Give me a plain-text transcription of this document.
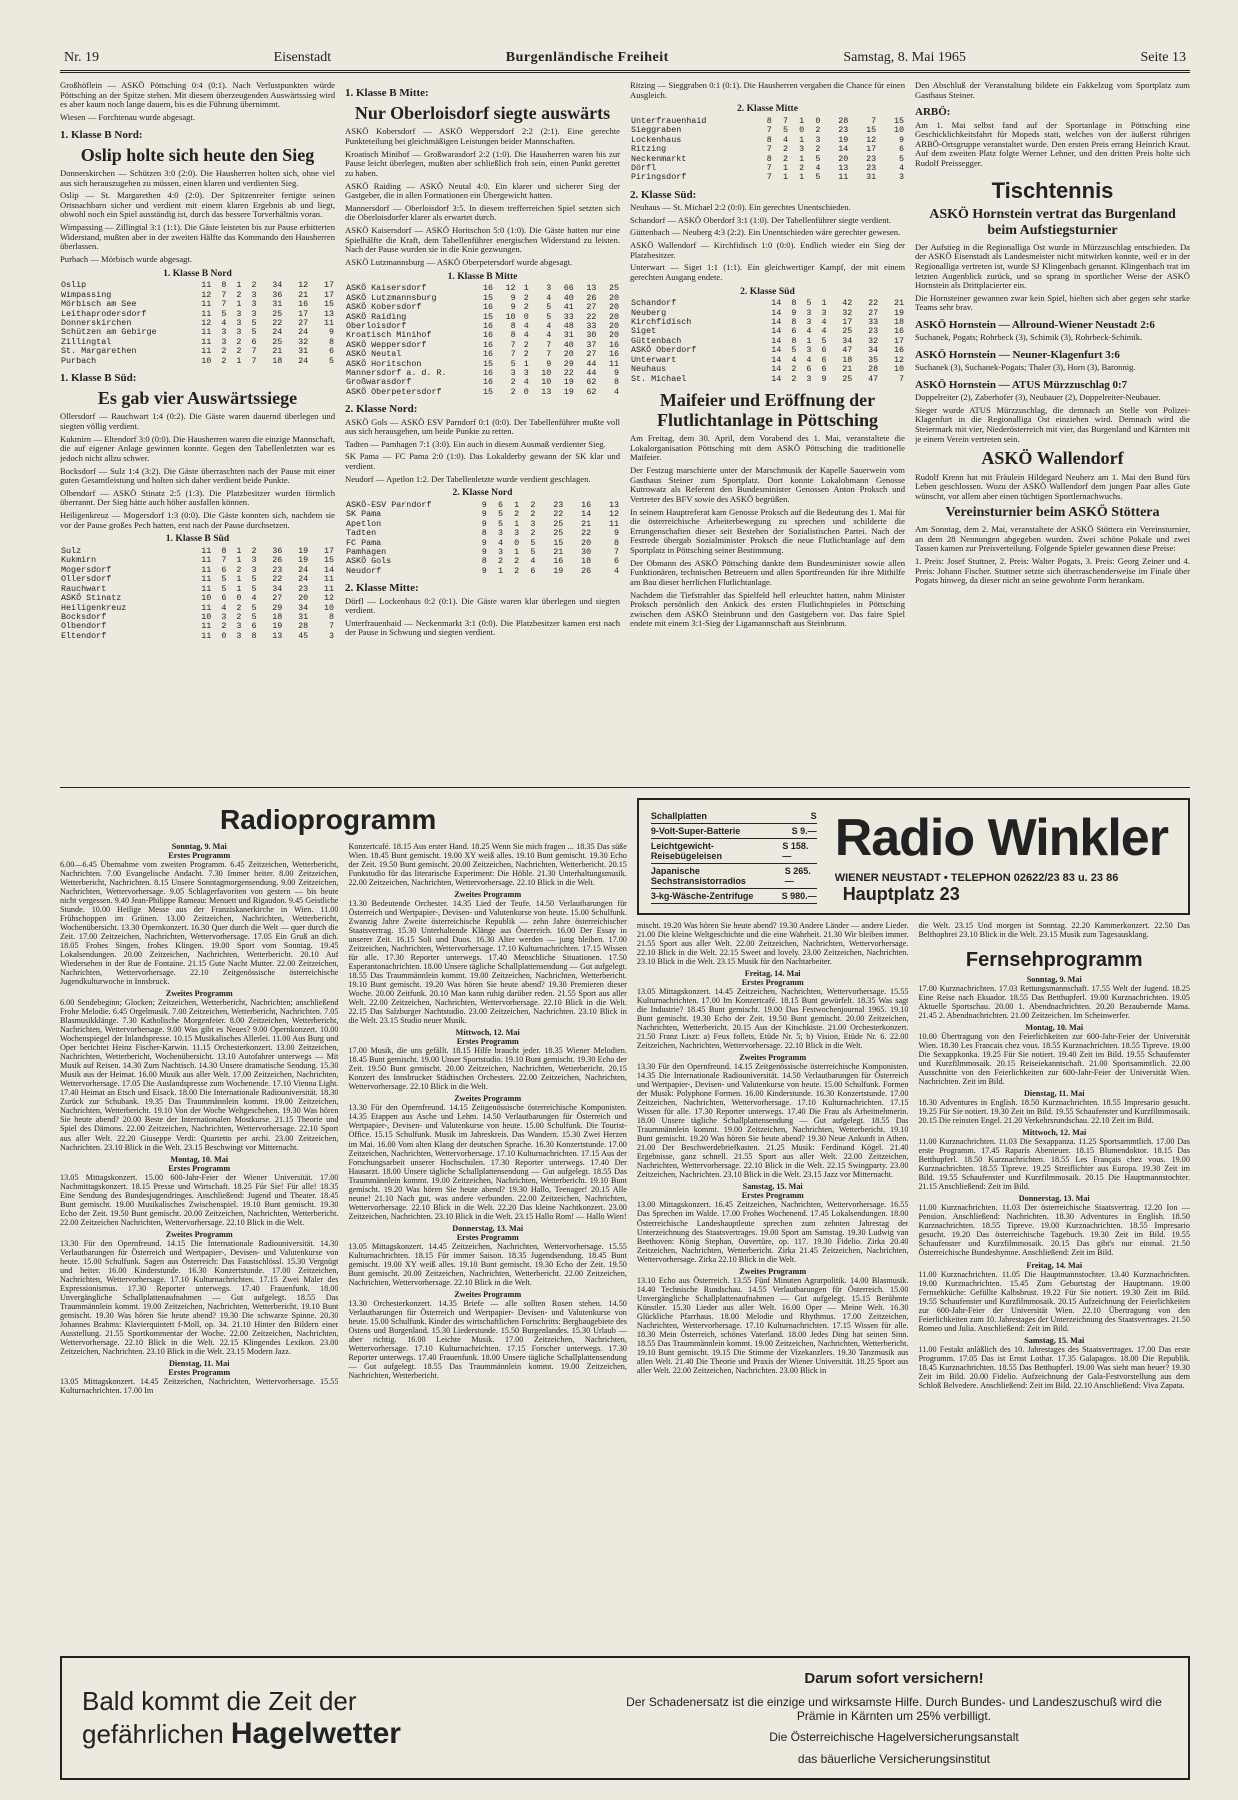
Nr. 19	Eisenstadt	Burgenländische Freiheit	Samstag, 8. Mai 1965	Seite 13

Großhöflein — ASKÖ Pöttsching 0:4 (0:1). Nach Verlustpunkten würde Pöttsching an der Spitze stehen. Mit diesem überzeugenden Auswärtssieg wird es aber kaum noch lange dauern, bis es die Führung übernimmt.

Wiesen — Forchtenau wurde abgesagt.

1. Klasse B Nord:
Oslip holte sich heute den Sieg

Donnerskirchen — Schützen 3:0 (2:0). Die Hausherren holten sich, ohne viel aus sich herauszugehen zu müssen, einen klaren und verdienten Sieg.

Oslip — St. Margarethen 4:0 (2:0). Der Spitzenreiter fertigte seinen Ortsnachbarn sicher und verdient mit einem klaren Ergebnis ab und liegt, obwohl noch ein Spiel ausständig ist, durch das bessere Torverhältnis voran.

Wimpassing — Zillingtal 3:1 (1:1). Die Gäste leisteten bis zur Pause erbitterten Widerstand, mußten aber in der zweiten Hälfte das Kommando den Hausherren überlassen.

Purbach — Mörbisch wurde abgesagt.

1. Klasse B Nord
Oslip	11	8	1	2	34	12	17
Wimpassing	12	7	2	3	36	21	17
Mörbisch am See	11	7	1	3	31	16	15
Leithaprodersdorf	11	5	3	3	25	17	13
Donnerskirchen	12	4	3	5	22	27	11
Schützen am Gebirge	11	3	3	5	24	24	9
Zillingtal	11	3	2	6	25	32	8
St. Margarethen	11	2	2	7	21	31	6
Purbach	10	2	1	7	18	24	5
1. Klasse B Süd:
Es gab vier Auswärtssiege

Ollersdorf — Rauchwart 1:4 (0:2). Die Gäste waren dauernd überlegen und siegten völlig verdient.

Kukmirn — Eltendorf 3:0 (0:0). Die Hausherren waren die einzige Mannschaft, die auf eigener Anlage gewinnen konnte. Gegen den Tabellenletzten war es jedoch nicht allzu schwer.

Bocksdorf — Sulz 1:4 (3:2). Die Gäste überraschten nach der Pause mit einer guten Gesamtleistung und holten sich daher verdient beide Punkte.

Olbendorf — ASKÖ Stinatz 2:5 (1:3). Die Platzbesitzer wurden förmlich überrannt. Der Sieg hätte auch höher ausfallen können.

Heiligenkreuz — Mogersdorf 1:3 (0:0). Die Gäste konnten sich, nachdem sie vor der Pause großes Pech hatten, erst nach der Pause durchsetzen.

1. Klasse B Süd
Sulz	11	8	1	2	36	19	17
Kukmirn	11	7	1	3	26	19	15
Mogersdorf	11	6	2	3	23	24	14
Ollersdorf	11	5	1	5	22	24	11
Rauchwart	11	5	1	5	34	23	11
ASKÖ Stinatz	10	6	0	4	27	20	12
Heiligenkreuz	11	4	2	5	29	34	10
Bocksdorf	10	3	2	5	18	31	8
Olbendorf	11	2	3	6	19	28	7
Eltendorf	11	0	3	8	13	45	3
1. Klasse B Mitte:
Nur Oberloisdorf siegte auswärts

ASKÖ Kobersdorf — ASKÖ Weppersdorf 2:2 (2:1). Eine gerechte Punkteteilung bei gleichmäßigen Leistungen beider Mannschaften.

Kroatisch Minihof — Großwarasdorf 2:2 (1:0). Die Hausherren waren bis zur Pause leicht überlegen, mußten aber schließlich froh sein, einen Punkt gerettet zu haben.

ASKÖ Raiding — ASKÖ Neutal 4:0. Ein klarer und sicherer Sieg der Gastgeber, die in allen Formationen ein Übergewicht hatten.

Mannersdorf — Oberloisdorf 3:5. In diesem trefferreichen Spiel setzten sich die Oberloisdorfer klarer als erwartet durch.

ASKÖ Kaisersdorf — ASKÖ Horitschon 5:0 (1:0). Die Gäste hatten nur eine Spielhälfte die Kraft, dem Tabellenführer energischen Widerstand zu leisten. Nach der Pause wurden sie in die Knie gezwungen.

ASKÖ Lutzmannsburg — ASKÖ Oberpetersdorf wurde abgesagt.

1. Klasse B Mitte
ASKÖ Kaisersdorf	16	12	1	3	66	13	25
ASKÖ Lutzmannsburg	15	9	2	4	40	26	20
ASKÖ Kobersdorf	16	9	2	5	41	27	20
ASKÖ Raiding	15	10	0	5	33	22	20
Oberloisdorf	16	8	4	4	48	33	20
Kroatisch Minihof	16	8	4	4	31	30	20
ASKÖ Weppersdorf	16	7	2	7	40	37	16
ASKÖ Neutal	16	7	2	7	20	27	16
ASKÖ Horitschon	15	5	1	9	29	44	11
Mannersdorf a. d. R.	16	3	3	10	22	44	9
Großwarasdorf	16	2	4	10	19	62	8
ASKÖ Oberpetersdorf	15	2	0	13	19	62	4
2. Klasse Nord:

ASKÖ Gols — ASKÖ ESV Parndorf 0:1 (0:0). Der Tabellenführer mußte voll aus sich herausgehen, um beide Punkte zu retten.

Tadten — Pamhagen 7:1 (3:0). Ein auch in diesem Ausmaß verdienter Sieg.

SK Pama — FC Pama 2:0 (1:0). Das Lokalderby gewann der SK klar und verdient.

Neudorf — Apetlon 1:2. Der Tabellenletzte wurde verdient geschlagen.

2. Klasse Nord
ASKÖ-ESV Parndorf	9	6	1	2	23	16	13
SK Pama	9	5	2	2	22	14	12
Apetlon	9	5	1	3	25	21	11
Tadten	8	3	3	2	25	22	9
FC Pama	9	4	0	5	15	20	8
Pamhagen	9	3	1	5	21	30	7
ASKÖ Gols	8	2	2	4	16	18	6
Neudorf	9	1	2	6	19	26	4
2. Klasse Mitte:

Dörfl — Lockenhaus 0:2 (0:1). Die Gäste waren klar überlegen und siegten verdient.

Unterfrauenhaid — Neckenmarkt 3:1 (0:0). Die Platzbesitzer kamen erst nach der Pause in Schwung und siegten verdient.

Ritzing — Sieggraben 0:1 (0:1). Die Hausherren vergaben die Chance für einen Ausgleich.

2. Klasse Mitte
Unterfrauenhaid	8	7	1	0	28	7	15
Sieggraben	7	5	0	2	23	15	10
Lockenhaus	8	4	1	3	19	12	9
Ritzing	7	2	3	2	14	17	6
Neckenmarkt	8	2	1	5	20	23	5
Dörfl	7	1	2	4	13	23	4
Piringsdorf	7	1	1	5	11	31	3
2. Klasse Süd:

Neuhaus — St. Michael 2:2 (0:0). Ein gerechtes Unentschieden.

Schandorf — ASKÖ Oberdorf 3:1 (1:0). Der Tabellenführer siegte verdient.

Güttenbach — Neuberg 4:3 (2:2). Ein Unentschieden wäre gerechter gewesen.

ASKÖ Wallendorf — Kirchfidisch 1:0 (0:0). Endlich wieder ein Sieg der Platzbesitzer.

Unterwart — Siget 1:1 (1:1). Ein gleichwertiger Kampf, der mit einem gerechten Ausgang endete.

2. Klasse Süd
Schandorf	14	8	5	1	42	22	21
Neuberg	14	9	3	3	32	27	19
Kirchfidisch	14	8	3	4	17	33	18
Siget	14	6	4	4	25	23	16
Güttenbach	14	8	1	5	34	32	17
ASKÖ Oberdorf	14	5	3	6	47	34	16
Unterwart	14	4	4	6	18	35	12
Neuhaus	14	2	6	6	21	28	10
St. Michael	14	2	3	9	25	47	7
Maifeier und Eröffnung der Flutlichtanlage in Pöttsching

Am Freitag, dem 30. April, dem Vorabend des 1. Mai, veranstaltete die Lokalorganisation Pöttsching mit dem ASKÖ Pöttsching die traditionelle Maifeier.

Der Festzug marschierte unter der Marschmusik der Kapelle Sauerwein vom Gasthaus Steiner zum Sportplatz. Dort konnte Lokalobmann Genosse Kutrowatz als Referent den Bundesminister Genossen Anton Proksch und Vertreter des BFV sowie des ASKÖ begrüßen.

In seinem Hauptreferat kam Genosse Proksch auf die Bedeutung des 1. Mai für die österreichische Arbeiterbewegung zu sprechen und schilderte die Errungenschaften dieser seit Bestehen der Sozialistischen Partei. Nach der Festrede übergab Sozialminister Proksch die neue Flutlichtanlage auf dem Sportplatz in Pöttsching seiner Bestimmung.

Der Obmann des ASKÖ Pöttsching dankte dem Bundesminister sowie allen Funktionären, technischen Betreuern und allen Sportfreunden für ihre Mithilfe am Bau dieser herrlichen Flutlichtanlage.

Nachdem die Tiefstrahler das Spielfeld hell erleuchtet hatten, nahm Minister Proksch persönlich den Ankick des ersten Flutlichtspieles in Pöttsching zwischen dem ASKÖ Steinbrunn und den Gastgebern vor. Das faire Spiel endete mit einem 3:1-Sieg der Ligamannschaft aus Steinbrunn.

Den Abschluß der Veranstaltung bildete ein Fakkelzug vom Sportplatz zum Gasthaus Steiner.

ARBÖ:

Am 1. Mai selbst fand auf der Sportanlage in Pöttsching eine Geschicklichkeitsfahrt für Mopeds statt, welches von der äußerst rührigen ARBÖ-Ortsgruppe veranstaltet wurde. Den ersten Preis errang Heinrich Kraut. Auf dem zweiten Platz folgte Werner Lehner, und den dritten Preis holte sich Rudolf Preissegger.

Tischtennis
ASKÖ Hornstein vertrat das Burgenland beim Aufstiegsturnier

Der Aufstieg in die Regionalliga Ost wurde in Mürzzuschlag entschieden. Da der ASKÖ Eisenstadt als Landesmeister nicht mitwirken konnte, weil er in der Regionalliga vertreten ist, wurde SJ Klingenbach genannt. Klingenbach trat im letzten Augenblick zurück, und so sprang in sportlicher Weise der ASKÖ Hornstein als Drittplacierter ein.

Die Hornsteiner gewannen zwar kein Spiel, hielten sich aber gegen sehr starke Teams sehr brav.

ASKÖ Hornstein — Allround-Wiener Neustadt 2:6

Suchanek, Pogats; Rohrbeck (3), Schimik (3), Rohrbeck-Schimik.

ASKÖ Hornstein — Neuner-Klagenfurt 3:6

Suchanek (3), Suchanek-Pogats; Thaler (3), Horn (3), Baronnig.

ASKÖ Hornstein — ATUS Mürzzuschlag 0:7

Doppelreiter (2), Zaberhofer (3), Neubauer (2), Doppelreiter-Neubauer.

Sieger wurde ATUS Mürzzuschlag, die demnach an Stelle von Polizei-Klagenfurt in die Regionalliga Ost einziehen wird. Demnach wird die Steiermark mit vier, Niederösterreich mit vier, das Burgenland und Kärnten mit je einem Verein vertreten sein.

ASKÖ Wallendorf

Rudolf Krenn hat mit Fräulein Hildegard Neuherz am 1. Mai den Bund fürs Leben geschlossen. Wozu der ASKÖ Wallendorf dem jungen Paar alles Gute wünscht, vor allem aber einen tüchtigen Sportlernachwuchs.

Vereinsturnier beim ASKÖ Stöttera

Am Sonntag, dem 2. Mai, veranstaltete der ASKÖ Stöttera ein Vereinsturnier, an dem 28 Nennungen abgegeben wurden. Zwei schöne Pokale und zwei Tassen kamen zur Preisverteilung. Folgende Spieler gewannen diese Preise:

1. Preis: Josef Stuttner, 2. Preis: Walter Pogats, 3. Preis: Georg Zeiner und 4. Preis: Johann Fischer. Stuttner setzte sich überraschenderweise im Finale über Pogats hinweg, da dieser nicht an seine gewohnte Form herankam.

Radioprogramm
Sonntag, 9. Mai
Erstes Programm

6.00—6.45 Übernahme vom zweiten Programm. 6.45 Zeitzeichen, Wetterbericht, Nachrichten. 7.00 Evangelische Andacht. 7.30 Immer heiter. 8.00 Zeitzeichen, Wetterbericht, Nachrichten. 8.15 Unsere Sonntagmorgensendung. 9.00 Zeitzeichen, Nachrichten, Wettervorhersage. 9.05 Schlagerfavoriten von gestern — bis heute nicht vergessen. 9.40 Jean-Philippe Rameau: Menuett und Rigaudon. 9.45 Geistliche Stunde. 10.00 Heilige Messe aus der Franziskanerkirche in Wien. 11.00 Frühschoppen im Grünen. 13.00 Zeitzeichen, Nachrichten, Wetterbericht, Wochenübersicht. 13.30 Opernkonzert. 16.30 Quer durch die Welt — quer durch die Zeit. 17.00 Zeitzeichen, Nachrichten, Wettervorhersage. 17.05 Ein Gruß an dich. 18.05 Frohes Singen, frohes Klingen. 19.00 Sport vom Sonntag. 19.45 Lokalsendungen. 20.00 Zeitzeichen, Nachrichten, Wetterbericht. 20.10 Auf Wiedersehen in der Rue de Fontaine. 21.15 Gute Nacht Mutter. 22.00 Zeitzeichen, Nachrichten, Wettervorhersage. 22.10 Zeitgenössische österreichische Jugendkulturwoche in Innsbruck.

Zweites Programm

6.00 Sendebeginn; Glocken; Zeitzeichen, Wetterbericht, Nachrichten; anschließend Frohe Melodie. 6.45 Orgelmusik. 7.00 Zeitzeichen, Wetterbericht, Nachrichten. 7.05 Blasmusikklänge. 7.30 Katholische Morgenfeier. 8.00 Zeitzeichen, Wetterbericht, Nachrichten, Wettervorhersage. 9.00 Was gibt es Neues? 9.00 Opernkonzert. 10.00 Wochenspiegel der Inlandspresse. 10.15 Musikalisches Allerlei. 11.00 Aus Burg und Oper berichtet Heinz Fischer-Karwin. 11.15 Orchesterkonzert. 13.00 Zeitzeichen, Nachrichten, Wetterbericht, Wochenübersicht. 13.10 Autofahrer unterwegs — Mit Musik auf Reisen. 14.30 Zum Nachtisch. 14.30 Unsere dramatische Sendung. 15.30 Musik aus der Heimat. 16.00 Musik aus aller Welt. 17.00 Zeitzeichen, Nachrichten, Wettervorhersage. 17.05 Die Auslandspresse zum Wochenende. 17.10 Vienna Light. 17.40 Heimat an Etsch und Eisack. 18.00 Die Internationale Radiouniversität. 18.30 Zurück zur Schubank. 19.35 Das Traummännlein kommt. 19.00 Zeitzeichen, Nachrichten, Wetterbericht. 19.10 Von der Woche Weltgeschehen. 19.30 Was hören Sie heute abend? 20.00 Beste der Internationalen Mostkurse. 21.15 Theorie und Spiel des Dämons. 22.00 Zeitzeichen, Nachrichten, Wettervorhersage. 22.10 Sport aus aller Welt. 22.20 Giuseppe Verdi: Quartetto per archi. 23.00 Zeitzeichen, Nachrichten. 23.10 Blick in die Welt. 23.15 Beschwingt vor Mitternacht.

Montag, 10. Mai
Erstes Programm

13.05 Mittagskonzert. 15.00 600-Jahr-Feier der Wiener Universität. 17.00 Nachmittagskonzert. 18.15 Presse und Wirtschaft. 18.25 Für Sie! Für alle! 18.35 Eine Sendung des Bundesjugendringes. Anschließend: Jugend und Theater. 18.45 Bunt gemischt. 19.00 Musikalisches Zwischenspiel. 19.10 Bunt gemischt. 19.30 Echo der Zeit. 19.50 Bunt gemischt. 20.00 Zeitzeichen, Nachrichten, Wetterbericht. 22.00 Zeitzeichen Nachrichten, Wettervorhersage. 22.10 Blick in die Welt.

Zweites Programm

13.30 Für den Opernfreund. 14.15 Die Internationale Radiouniversität. 14.30 Verlautbarungen für Österreich und Wertpapier-, Devisen- und Valutenkurse von heute. 15.00 Schulfunk. Sagen aus Österreich: Das Faustschlössl. 15.30 Vergnügt und heiter. 16.00 Kinderstunde. 16.30 Konzertstunde. 17.00 Zeitzeichen, Nachrichten, Wettervorhersage. 17.10 Kulturnachrichten. 17.15 Zwei Maler des Expressionismus. 17.30 Reporter unterwegs. 17.40 Frauenfunk. 18.00 Unvergängliche Schallplattenaufnahmen — Gut aufgelegt. 18.55 Das Traummännlein kommt. 19.00 Zeitzeichen, Nachrichten, Wetterbericht. 19.10 Bunt gemischt. 19.30 Was hören Sie heute abend? 19.30 Die schwarze Spinne. 20.30 Johannes Brahms: Klavierquintett f-Moll, op. 34. 21.10 Hinter den Bildern einer Ausstellung. 21.55 Sportkommentar der Woche. 22.00 Zeitzeichen, Nachrichten, Wettervorhersage. 22.10 Blick in die Welt. 22.15 Klingendes Lexikon. 23.00 Zeitzeichen, Nachrichten. 23.10 Blick in die Welt. 23.15 Modern Jazz.

Dienstag, 11. Mai
Erstes Programm

13.05 Mittagskonzert. 14.45 Zeitzeichen, Nachrichten, Wettervorhersage. 15.55 Kulturnachrichten. 17.00 Im

Konzertcafé. 18.15 Aus erster Hand. 18.25 Wenn Sie mich fragen ... 18.35 Das süße Wien. 18.45 Bunt gemischt. 19.00 XY weiß alles. 19.10 Bunt gemischt. 19.30 Echo der Zeit. 19.50 Bunt gemischt. 20.00 Zeitzeichen, Nachrichten, Wetterbericht. 20.15 Funkstudio für das literarische Experiment: Die Höhle. 21.30 Unterhaltungsmusik. 22.00 Zeitzeichen, Nachrichten, Wettervorhersage. 22.10 Blick in die Welt.

Zweites Programm

13.30 Bedeutende Orchester. 14.35 Lied der Teufe. 14.50 Verlautbarungen für Österreich und Wertpapier-, Devisen- und Valutenkurse von heute. 15.00 Schulfunk. Zwanzig Jahre Zweite österreichische Republik — zehn Jahre österreichischer Staatsvertrag. 15.30 Unterhaltende Klänge aus Österreich. 16.00 Der Essay in unserer Zeit. 16.15 Soli und Duos. 16.30 Alter werden — jung bleiben. 17.00 Zeitzeichen, Nachrichten, Wettervorhersage. 17.10 Kulturnachrichten. 17.15 Wissen für alle. 17.30 Reporter unterwegs. 17.40 Menschliche Situationen. 17.50 Esperantonachrichten. 18.00 Unsere tägliche Schallplattensendung — Gut aufgelegt. 18.55 Das Traummännlein kommt. 19.00 Zeitzeichen, Nachrichten, Wetterbericht. 19.10 Bunt gemischt. 19.20 Was hören Sie heute abend? 19.30 Premieren dieser Woche. 20.00 Zeitfunk. 20.10 Man kann ruhig darüber reden. 21.55 Sport aus aller Welt. 22.00 Zeitzeichen, Nachrichten, Wettervorhersage. 22.10 Blick in die Welt. 22.15 Das Salzburger Nachtstudio. 23.00 Zeitzeichen, Nachrichten. 23.10 Blick in die Welt. 23.15 Studio neuer Musik.

Mittwoch, 12. Mai
Erstes Programm

17.00 Musik, die uns gefällt. 18.15 Hilfe braucht jeder. 18.35 Wiener Melodien. 18.45 Bunt gemischt. 19.00 Unser Sportstudio. 19.10 Bunt gemischt. 19.30 Echo der Zeit. 19.50 Bunt gemischt. 20.00 Zeitzeichen, Nachrichten, Wetterbericht. 20.15 Konzert des Innsbrucker Städtischen Orchesters. 22.00 Zeitzeichen, Nachrichten, Wettervorhersage. 22.10 Blick in die Welt.

Zweites Programm

13.30 Für den Opernfreund. 14.15 Zeitgenössische österreichische Komponisten. 14.35 Etappen aus Asche und Lehm. 14.50 Verlautbarungen für Österreich und Wertpapier-, Devisen- und Valutenkurse von heute. 15.00 Schulfunk. Die Tourist-Office. 15.15 Schulfunk. Musik im Jahreskreis. Das Wandern. 15.30 Zwei Herzen im Mai. 16.00 Vom alten Klang der deutschen Sprache. 16.30 Konzertstunde. 17.00 Zeitzeichen, Nachrichten, Wettervorhersage. 17.10 Kulturnachrichten. 17.15 Aus der Forschungsarbeit unserer Hochschulen. 17.30 Reporter unterwegs. 17.40 Der Hausarzt. 18.00 Unsere tägliche Schallplattensendung — Gut aufgelegt. 18.55 Das Traummännlein kommt. 19.00 Zeitzeichen, Nachrichten, Wetterbericht. 19.10 Bunt gemischt. 19.20 Was hören Sie heute abend? 19.30 Hallo, Teenager! 20.15 Alle neune! 21.10 Nach gut, was andere verbunden. 22.00 Zeitzeichen, Nachrichten, Wettervorhersage. 22.10 Blick in die Welt. 22.20 Das kleine Nachtkonzert. 23.00 Zeitzeichen, Nachrichten. 23.10 Blick in die Welt. 23.15 Hallo Rom! — Hallo Wien!

Donnerstag, 13. Mai
Erstes Programm

13.05 Mittagskonzert. 14.45 Zeitzeichen, Nachrichten, Wettervorhersage. 15.55 Kulturnachrichten. 18.15 Für immer Saison. 18.35 Jugendsendung. 18.45 Bunt gemischt. 19.00 XY weiß alles. 19.10 Bunt gemischt. 19.30 Echo der Zeit. 19.50 Bunt gemischt. 20.00 Zeitzeichen, Nachrichten, Wetterbericht. 22.00 Zeitzeichen, Nachrichten, Wettervorhersage. 22.10 Blick in die Welt.

Zweites Programm

13.30 Orchesterkonzert. 14.35 Briefe — alle sollten Rosen stehen. 14.50 Verlautbarungen für Österreich und Wertpapier- Devisen- und Valutenkurse von heute. 15.00 Schulfunk. Kinder des wirtschaftlichen Fortschritts: Bergbaugebiete des Ostens und Burgenland. 15.30 Liederstunde. 15.50 Burgenlandes. 15.30 Urlaub — aber richtig. 16.00 Leichte Musik. 17.00 Zeitzeichen, Nachrichten, Wettervorhersage. 17.10 Kulturnachrichten. 17.15 Forscher unterwegs. 17.30 Reporter unterwegs. 17.40 Frauenfunk. 18.00 Unsere tägliche Schallplattensendung — Gut aufgelegt. 18.55 Das Traummännlein kommt. 19.00 Zeitzeichen, Nachrichten, Wetterbericht.

Schallplatten	S
9-Volt-Super-Batterie	S 9.—
Leichtgewicht-Reisebügeleisen
S 158.—
Japanische Sechstransistorradios
S 265.—
3-kg-Wäsche-Zentrifuge	S 980.—
Radio Winkler
WIENER NEUSTADT • TELEPHON 02622/23 83 u. 23 86 Hauptplatz 23

mischt. 19.20 Was hören Sie heute abend? 19.30 Andere Länder — andere Lieder. 21.00 Die kleine Weltgeschichte und die eine Wahrheit. 21.30 Wir bleiben immer. 21.55 Sport aus aller Welt. 22.00 Zeitzeichen, Nachrichten, Wettervorhersage. 22.10 Blick in die Welt. 22.15 Sweet and lovely. 23.00 Zeitzeichen, Nachrichten. 23.10 Blick in die Welt. 23.15 Musik für den Nachtarbeiter.

Freitag, 14. Mai
Erstes Programm

13.05 Mittagskonzert. 14.45 Zeitzeichen, Nachrichten, Wettervorhersage. 15.55 Kulturnachrichten. 17.00 Im Konzertcafé. 18.15 Bunt gewürfelt. 18.35 Was sagt die Industrie? 18.45 Bunt gemischt. 19.00 Das Festwochenjournal 1965. 19.10 Bunt gemischt. 19.30 Echo der Zeit. 19.50 Bunt gemischt. 20.00 Zeitzeichen, Nachrichten, Wetterbericht. 20.15 Aus der Kitschkiste. 21.00 Orchesterkonzert. 21.50 Franz Liszt: a) Feux follets, Etüde Nr. 5; b) Vision, Etüde Nr. 6. 22.00 Zeitzeichen, Nachrichten, Wettervorhersage. 22.10 Blick in die Welt.

Zweites Programm

13.30 Für den Opernfreund. 14.15 Zeitgenössische österreichische Komponisten. 14.35 Die Internationale Radiouniversität. 14.50 Verlautbarungen für Österreich und Wertpapier-, Devisen- und Valutenkurse von heute. 15.00 Schulfunk. Formen der Musik: Polyphone Formen. 16.00 Kinderstunde. 16.30 Konzertstunde. 17.00 Zeitzeichen, Nachrichten, Wettervorhersage. 17.10 Kulturnachrichten. 17.15 Wissen für alle. 17.30 Reporter unterwegs. 17.40 Die Frau als Arbeitnehmerin. 18.00 Unsere tägliche Schallplattensendung — Gut aufgelegt. 18.55 Das Traummännlein kommt. 19.00 Zeitzeichen, Nachrichten, Wetterbericht. 19.10 Bunt gemischt. 19.20 Was hören Sie heute abend? 19.30 Neue Ankunft in Athen. 21.00 Der Beschwerdebriefkasten. 21.25 Musik: Ferdinand Kögel. 21.40 Ergebnisse, ganz schnell. 21.55 Sport aus aller Welt. 22.00 Zeitzeichen, Nachrichten, Wettervorhersage. 22.10 Blick in die Welt. 22.15 Swingparty. 23.00 Zeitzeichen, Nachrichten. 23.10 Blick in die Welt. 23.15 Jazz vor Mitternacht.

Samstag, 15. Mai
Erstes Programm

13.00 Mittagskonzert. 16.45 Zeitzeichen, Nachrichten, Wettervorhersage. 16.55 Das Sprechen im Walde. 17.00 Frohes Wochenend. 17.45 Lokalsendungen. 18.00 Österreichische Landeshauptleute sprechen zum zehnten Jahrestag der Unterzeichnung des Staatsvertrages. 19.00 Sport am Samstag. 19.30 Ludwig van Beethoven: König Stephan, Ouvertüre, op. 117. 19.30 Fidelio. Zirka 20.40 Zeitzeichen, Nachrichten, Wetterbericht. Zirka 21.45 Zeitzeichen, Nachrichten, Wettervorhersage. Zirka 22.10 Blick in die Welt.

Zweites Programm

13.10 Echo aus Österreich. 13.55 Fünf Minuten Agrarpolitik. 14.00 Blasmusik. 14.40 Technische Rundschau. 14.55 Verlautbarungen für Österreich. 15.00 Unvergängliche Schallplattenaufnahmen — Gut aufgelegt. 15.15 Berühmte Künstler. 15.30 Lieder aus aller Welt. 16.00 Oper — Meine Welt. 16.30 Glückliche Pfarrhaus. 18.00 Melodie und Rhythmus. 17.00 Zeitzeichen, Nachrichten, Wettervorhersage. 17.10 Kulturnachrichten. 17.15 Wissen für alle. 18.30 Mein Österreich, schönes Vaterland. 18.00 Jedes Ding hat seinen Sinn. 18.55 Das Traummännlein kommt. 19.00 Zeitzeichen, Nachrichten, Wetterbericht. 19.10 Bunt gemischt. 19.15 Die Stimme der Vizekanzlers. 19.30 Tanzmusik aus allen Welt. 21.40 Die Theorie und Praxis der Wiener Universität. 18.25 Sport aus aller Welt. 22.00 Zeitzeichen, Nachrichten. 23.00 Blick in

die Welt. 23.15 Und morgen ist Sonntag. 22.20 Kammerkonzert. 22.50 Das Belthophrei 23.10 Blick in die Welt. 23.15 Musik zum Tagesausklang.

Fernsehprogramm
Sonntag, 9. Mai

17.00 Kurznachrichten. 17.03 Rettungsmannschaft. 17.55 Welt der Jugend. 18.25 Eine Reise nach Ekuador. 18.55 Das Betthupferl. 19.00 Kurznachrichten. 19.05 Aktuelle Sportschau. 20.00 1. Abendnachrichten. 20.20 Bezaubernde Mama. 21.45 2. Abendnachrichten. 21.00 Zeitzeichen. Im Scheinwerfer.

Montag, 10. Mai

10.00 Übertragung von den Feierlichkeiten zur 600-Jahr-Feier der Universität Wien. 18.30 Les Francais chez vous. 18.55 Kurznachrichten. 18.55 Tipreve. 19.00 Die Sexappkonka. 19.25 Für Sie notiert. 19.40 Zeit im Bild. 19.55 Schaufenster und Kurzfilmmosaik. 20.15 Reiseiekanntschaft. 21.00 Sportsammtlich. 22.00 Ausschnitte von den Feierlichkeiten zur 600-Jahr-Feier der Universität Wien. Nachrichten. Zeit im Bild.

Dienstag, 11. Mai

18.30 Adventures in English. 18.50 Kurznachrichten. 18.55 Impresario gesucht. 19.25 Für Sie notiert. 19.30 Zeit im Bild. 19.55 Schaufenster und Kurzfilmmosaik. 20.15 Die reinsten Engel. 21.20 Verkehrsrundschau. 22.10 Zeit im Bild.

Mittwoch, 12. Mai

11.00 Kurznachrichten. 11.03 Die Sexappanza. 11.25 Sportsammtlich. 17.00 Das erste Programm. 17.45 Raparis Abenteuer. 18.15 Blumendoktor. 18.15 Das Betthupferl. 18.50 Kurznachrichten. 18.55 Les Français chez vous. 19.00 Kurznachrichten. 18.55 Tipreve. 19.25 Streiflichter aus Europa. 19.30 Zeit im Bild. 19.55 Schaufenster und Kurzfilmmosaik. 20.15 Die Hauptmannstochter. 21.15 Anschließend: Zeit im Bild.

Donnerstag, 13. Mai

11.00 Kurznachrichten. 11.03 Der österreichische Staatsvertrag. 12.20 Ion — Pension. Anschließend: Nachrichten. 18.30 Adventures in English. 18.50 Kurznachrichten. 18.55 Tipreve. 19.00 Kurznachrichten. 18.55 Impresario gesucht. 19.20 Das österreichische Tagebuch. 19.30 Zeit im Bild. 19.55 Schaufenster und Kurzfilmmosaik. 20.15 Das gibt's nur einmal. 21.50 Österreichische Bundeshymne. Anschließend: Zeit im Bild.

Freitag, 14. Mai

11.00 Kurznachrichten. 11.05 Die Hauptmannstochter. 13.40 Kurznachrichten. 19.00 Kurznachrichten. 15.45 Zum Geburtstag der Hauptmann. 19.00 Fernsehküche: Gefüllte Kalbsbrust. 19.22 Für Sie notiert. 19.30 Zeit im Bild. 19.55 Schaufenster und Kurzfilmmosaik. 20.15 Aufzeichnung der Feierlichkeiten zur 600-Jahr-Feier der Universität Wien. 22.10 Übertragung von den Feierlichkeiten zum 10. Jahrestages der Unterzeichnung des Staatsvertrages. 21.50 Romeo und Julia. Anschließend: Zeit im Bild.

Samstag, 15. Mai

11.00 Festakt anläßlich des 10. Jahrestages des Staatsvertrages. 17.00 Das erste Programm. 17.05 Das ist Ernst Lothar. 17.35 Galapagos. 18.00 Die Republik. 18.45 Kurznachrichten. 18.55 Das Betthupferl. 19.00 Was sieht man heuer? 19.30 Zeit im Bild. 20.00 Fidelio. Aufzeichnung der Gala-Festvorstellung aus dem Schloß Belvedere. Anschließend: Zeit im Bild. 22.10 Anschließend: Viva Zapata.

Bald kommt die Zeit der
gefährlichen Hagelwetter
Darum sofort versichern!
Der Schadenersatz ist die einzige und wirksamste Hilfe. Durch Bundes- und Landeszuschuß wird die Prämie in Kärnten um 25% verbilligt.
Die Österreichische Hagelversicherungsanstalt
das bäuerliche Versicherungsinstitut
